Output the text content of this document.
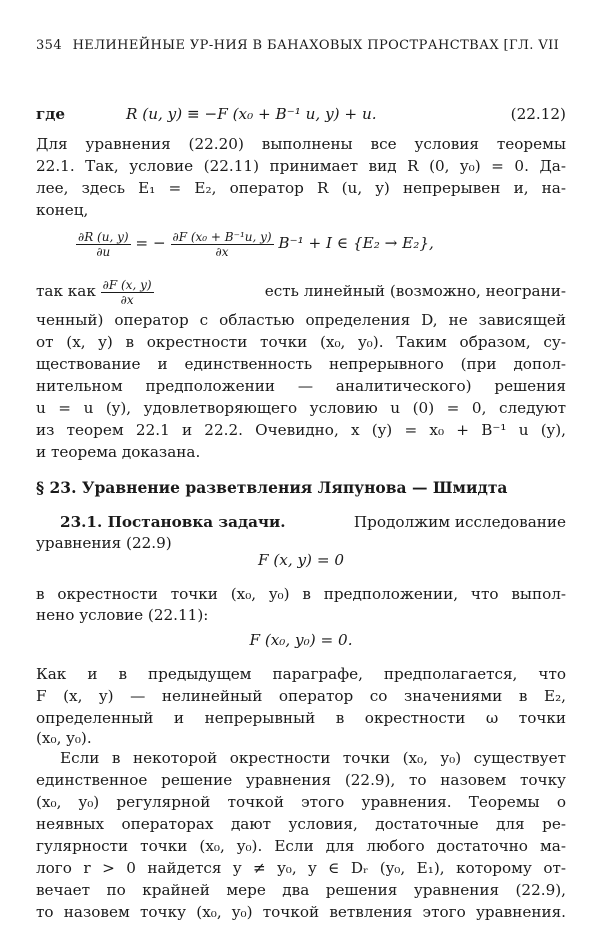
354 НЕЛИНЕЙНЫЕ УР-НИЯ В БАНАХОВЫХ ПРОСТРАНСТВАХ [ГЛ. VII
где	R (u, y) ≡ −F (x₀ + B⁻¹ u, y) + u.	(22.12)
Для уравнения (22.20) выполнены все условия теоремы
22.1. Так, условие (22.11) принимает вид R (0, y₀) = 0. Да-
лее, здесь E₁ = E₂, оператор R (u, y) непрерывен и, на-
конец,
$\frac{\partial R (u, y)}{\partial u}$ = − $\frac{\text{∂F (x₀ + B⁻¹u, y)}}{\partial x} B^{-1} + I$ ∈ {E₂ → E₂},
так как $\frac{\partial F (x, y)}{\partial x}$	есть линейный (возможно, неограни-
ченный) оператор с областью определения D, не зависящей
от (x, y) в окрестности точки (x₀, y₀). Таким образом, су-
ществование и единственность непрерывного (при допол-
нительном предположении — аналитического) решения
u = u (y), удовлетворяющего условию u (0) = 0, следуют
из теорем 22.1 и 22.2. Очевидно, x (y) = x₀ + B⁻¹ u (y),
и теорема доказана.
§ 23. Уравнение разветвления Ляпунова — Шмидта
23.1. Постановка задачи.	Продолжим исследование
уравнения (22.9)
F (x, y) = 0
в окрестности точки (x₀, y₀) в предположении, что выпол-
нено условие (22.11):
F (x₀, y₀) = 0.
Как и в предыдущем параграфе, предполагается, что
F (x, y) — нелинейный оператор со значениями в E₂,
определенный и непрерывный в окрестности ω точки
(x₀, y₀).
Если в некоторой окрестности точки (x₀, y₀) существует
единственное решение уравнения (22.9), то назовем точку
(x₀, y₀) регулярной точкой этого уравнения. Теоремы о
неявных операторах дают условия, достаточные для ре-
гулярности точки (x₀, y₀). Если для любого достаточно ма-
лого r > 0 найдется y ≠ y₀, y ∈ Dᵣ (y₀, E₁), которому от-
вечает по крайней мере два решения уравнения (22.9),
то назовем точку (x₀, y₀) точкой ветвления этого уравнения.
